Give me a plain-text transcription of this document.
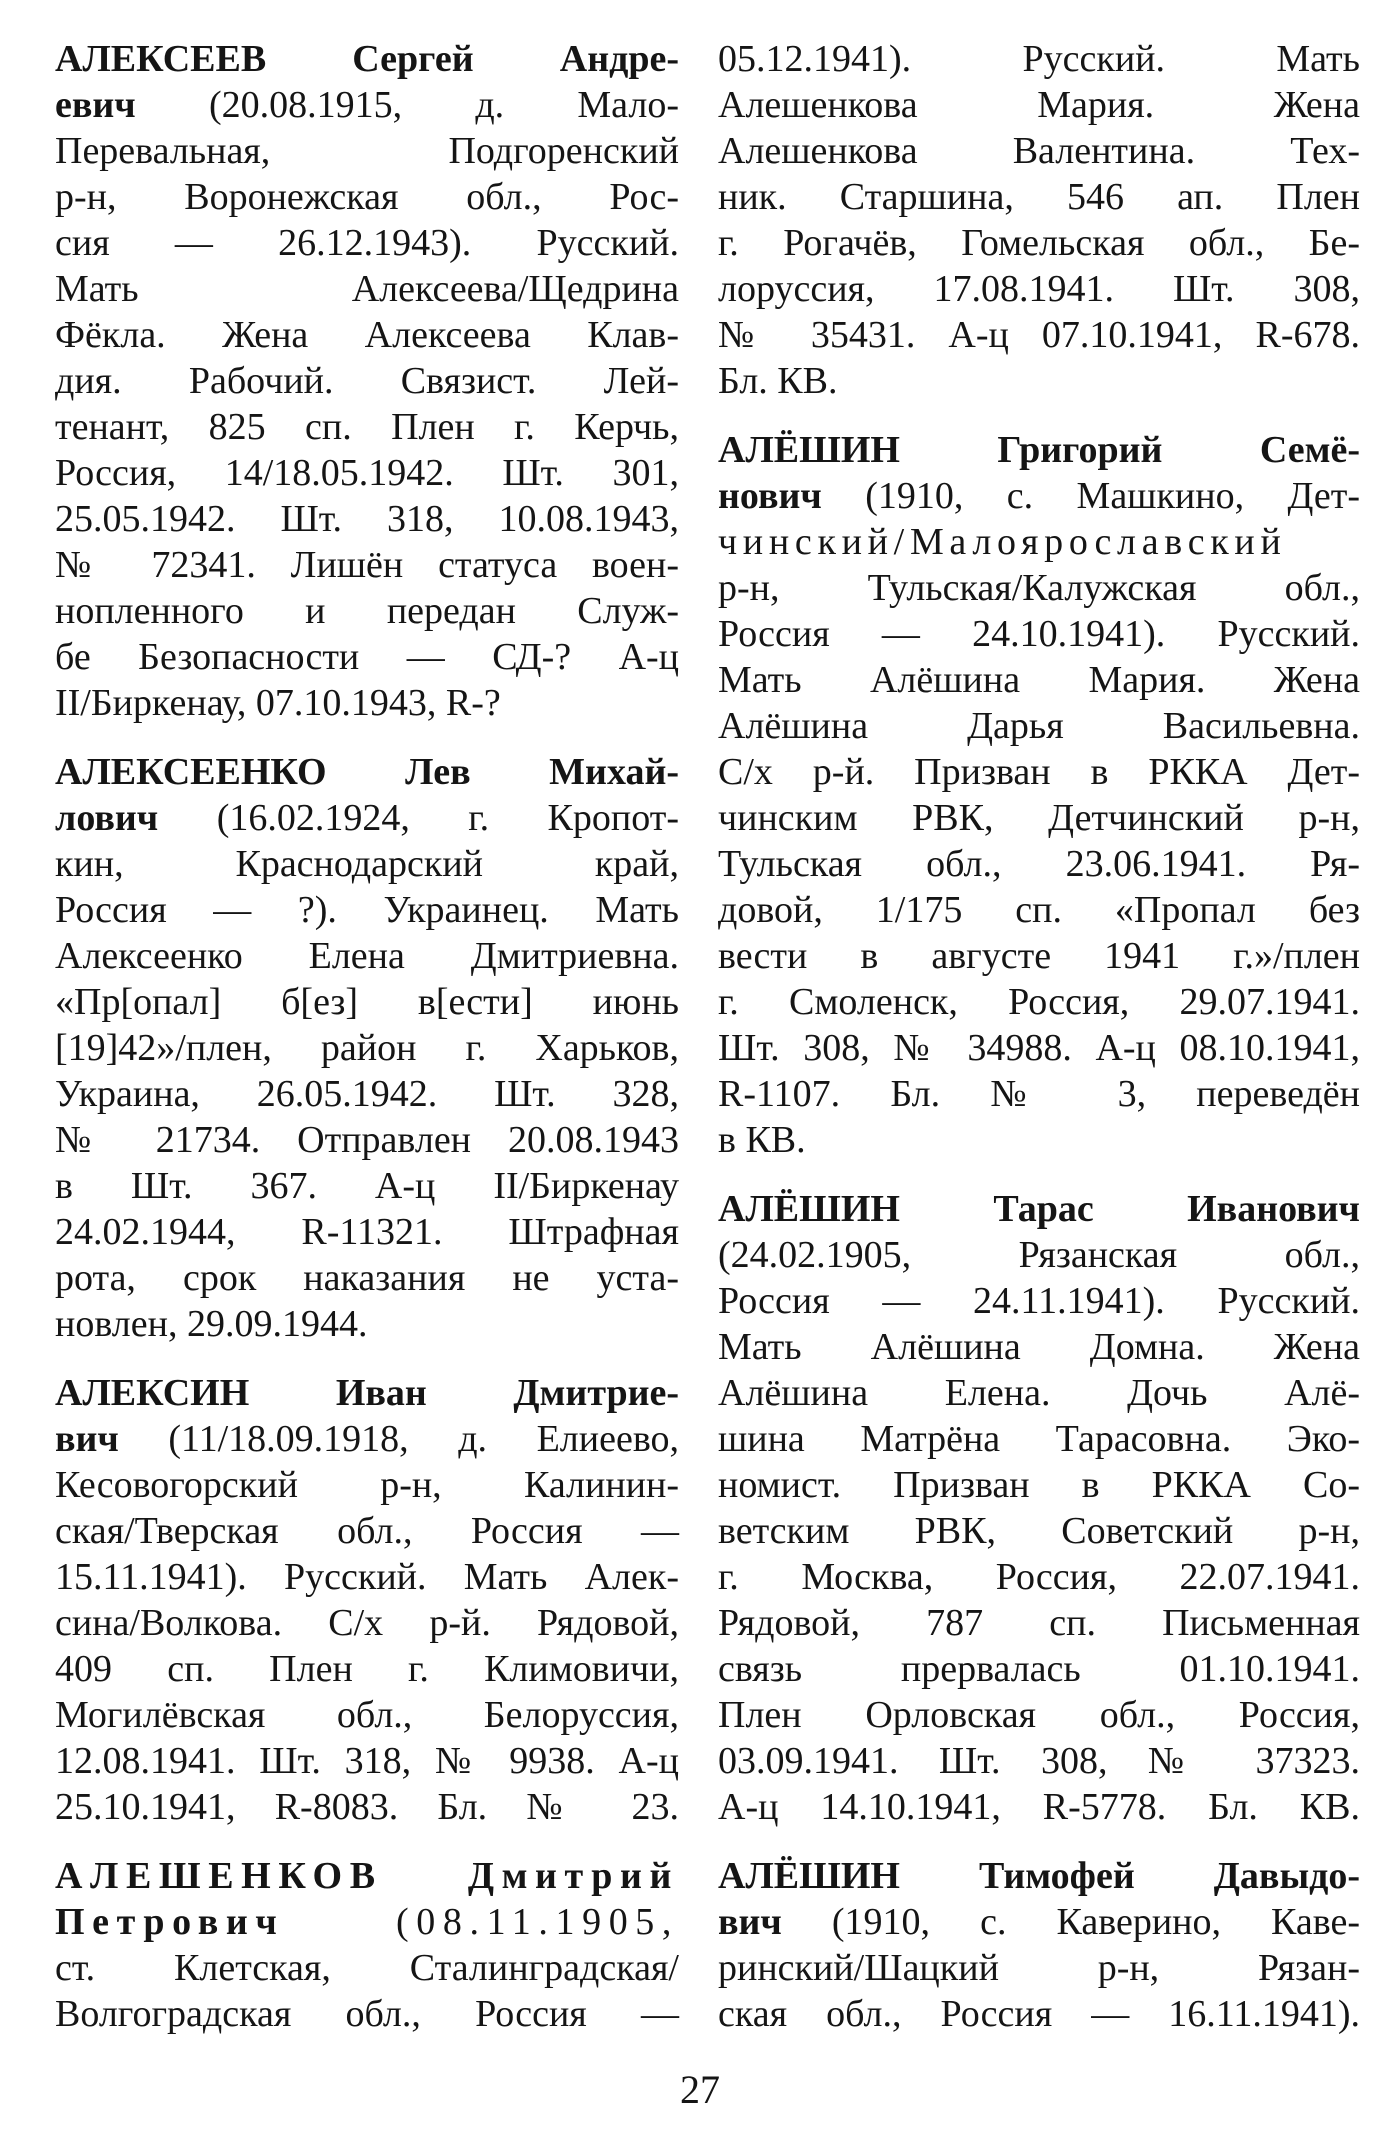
АЛЕКСЕЕВ Сергей Андре-
евич (20.08.1915, д. Мало-
Перевальная, Подгоренский
р-н, Воронежская обл., Рос-
сия — 26.12.1943). Русский.
Мать Алексеева/Щедрина
Фёкла. Жена Алексеева Клав-
дия. Рабочий. Связист. Лей-
тенант, 825 сп. Плен г. Керчь,
Россия, 14/18.05.1942. Шт. 301,
25.05.1942. Шт. 318, 10.08.1943,
№ 72341. Лишён статуса воен-
нопленного и передан Служ-
бе Безопасности — СД-? А-ц
II/Биркенау, 07.10.1943, R-?
АЛЕКСЕЕНКО Лев Михай-
лович (16.02.1924, г. Кропот-
кин, Краснодарский край,
Россия — ?). Украинец. Мать
Алексеенко Елена Дмитриевна.
«Пр[опал] б[ез] в[ести] июнь
[19]42»/плен, район г. Харьков,
Украина, 26.05.1942. Шт. 328,
№ 21734. Отправлен 20.08.1943
в Шт. 367. А-ц II/Биркенау
24.02.1944, R-11321. Штрафная
рота, срок наказания не уста-
новлен, 29.09.1944.
АЛЕКСИН Иван Дмитрие-
вич (11/18.09.1918, д. Елиеево,
Кесовогорский р-н, Калинин-
ская/Тверская обл., Россия —
15.11.1941). Русский. Мать Алек-
сина/Волкова. С/х р-й. Рядовой,
409 сп. Плен г. Климовичи,
Могилёвская обл., Белоруссия,
12.08.1941. Шт. 318, № 9938. А-ц
25.10.1941, R-8083. Бл. № 23.
АЛЕШЕНКОВ Дмитрий
Петрович (08.11.1905,
ст. Клетская, Сталинградская/
Волгоградская обл., Россия —
05.12.1941). Русский. Мать
Алешенкова Мария. Жена
Алешенкова Валентина. Тех-
ник. Старшина, 546 ап. Плен
г. Рогачёв, Гомельская обл., Бе-
лоруссия, 17.08.1941. Шт. 308,
№ 35431. А-ц 07.10.1941, R-678.
Бл. КВ.
АЛЁШИН Григорий Семё-
нович (1910, с. Машкино, Дет-
чинский/Малоярославский
р-н, Тульская/Калужская обл.,
Россия — 24.10.1941). Русский.
Мать Алёшина Мария. Жена
Алёшина Дарья Васильевна.
С/х р-й. Призван в РККА Дет-
чинским РВК, Детчинский р-н,
Тульская обл., 23.06.1941. Ря-
довой, 1/175 сп. «Пропал без
вести в августе 1941 г.»/плен
г. Смоленск, Россия, 29.07.1941.
Шт. 308, № 34988. А-ц 08.10.1941,
R-1107. Бл. № 3, переведён
в КВ.
АЛЁШИН Тарас Иванович
(24.02.1905, Рязанская обл.,
Россия — 24.11.1941). Русский.
Мать Алёшина Домна. Жена
Алёшина Елена. Дочь Алё-
шина Матрёна Тарасовна. Эко-
номист. Призван в РККА Со-
ветским РВК, Советский р-н,
г. Москва, Россия, 22.07.1941.
Рядовой, 787 сп. Письменная
связь прервалась 01.10.1941.
Плен Орловская обл., Россия,
03.09.1941. Шт. 308, № 37323.
А-ц 14.10.1941, R-5778. Бл. КВ.
АЛЁШИН Тимофей Давыдо-
вич (1910, с. Каверино, Каве-
ринский/Шацкий р-н, Рязан-
ская обл., Россия — 16.11.1941).
27
